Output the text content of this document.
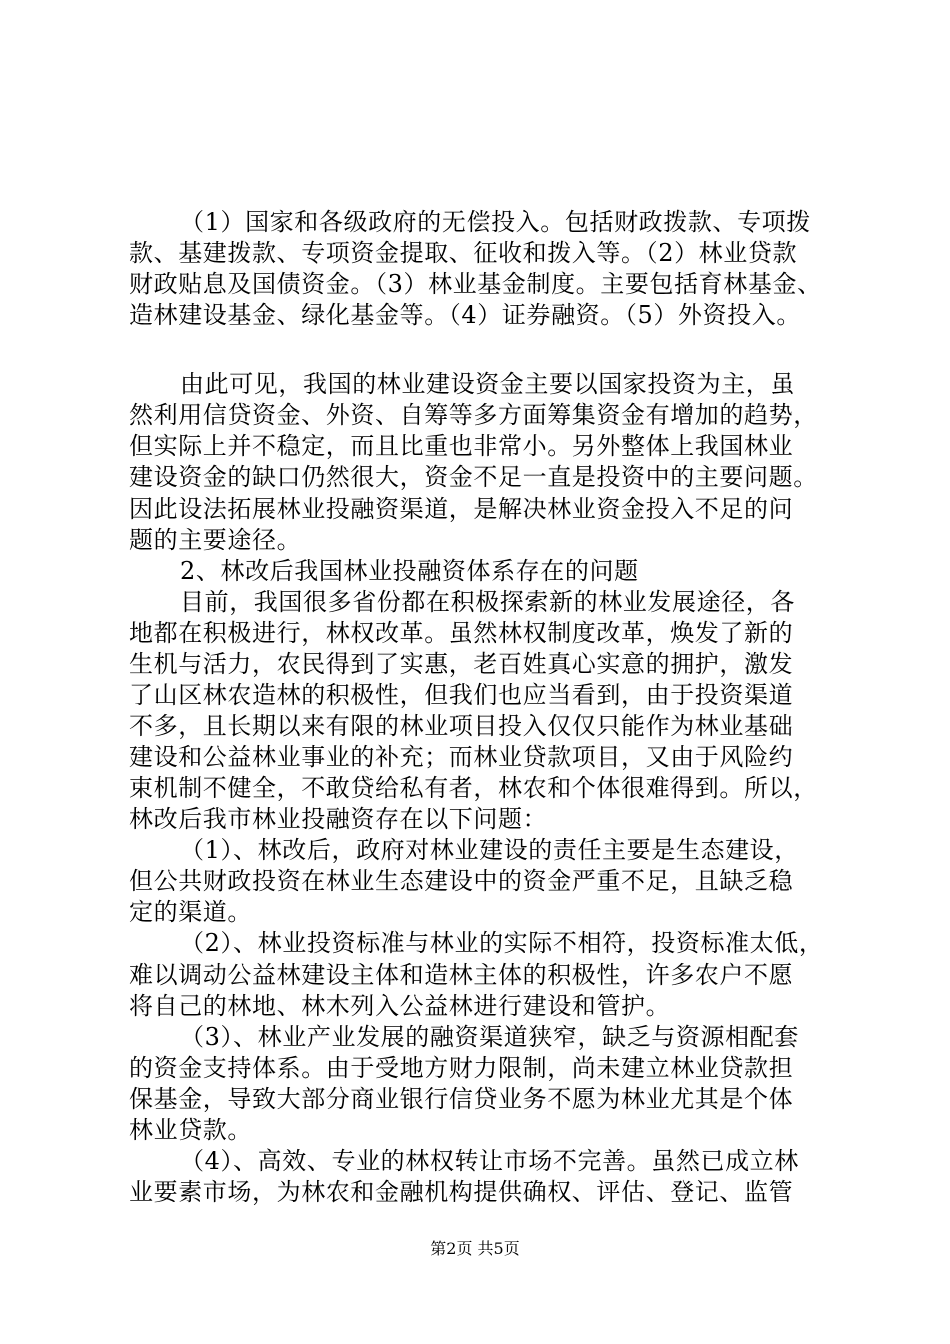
（1）国家和各级政府的无偿投入。包括财政拨款、专项拨
款、基建拨款、专项资金提取、征收和拨入等。（2）林业贷款
财政贴息及国债资金。（3）林业基金制度。主要包括育林基金、
造林建设基金、绿化基金等。（4）证券融资。（5）外资投入。
由此可见，我国的林业建设资金主要以国家投资为主，虽
然利用信贷资金、外资、自筹等多方面筹集资金有增加的趋势，
但实际上并不稳定，而且比重也非常小。另外整体上我国林业
建设资金的缺口仍然很大，资金不足一直是投资中的主要问题。
因此设法拓展林业投融资渠道，是解决林业资金投入不足的问
题的主要途径。
2、林改后我国林业投融资体系存在的问题
目前，我国很多省份都在积极探索新的林业发展途径，各
地都在积极进行，林权改革。虽然林权制度改革，焕发了新的
生机与活力，农民得到了实惠，老百姓真心实意的拥护，激发
了山区林农造林的积极性，但我们也应当看到，由于投资渠道
不多，且长期以来有限的林业项目投入仅仅只能作为林业基础
建设和公益林业事业的补充；而林业贷款项目，又由于风险约
束机制不健全，不敢贷给私有者，林农和个体很难得到。所以，
林改后我市林业投融资存在以下问题：
（1）、林改后，政府对林业建设的责任主要是生态建设，
但公共财政投资在林业生态建设中的资金严重不足，且缺乏稳
定的渠道。
（2）、林业投资标准与林业的实际不相符，投资标准太低，
难以调动公益林建设主体和造林主体的积极性，许多农户不愿
将自己的林地、林木列入公益林进行建设和管护。
（3）、林业产业发展的融资渠道狭窄，缺乏与资源相配套
的资金支持体系。由于受地方财力限制，尚未建立林业贷款担
保基金，导致大部分商业银行信贷业务不愿为林业尤其是个体
林业贷款。
（4）、高效、专业的林权转让市场不完善。虽然已成立林
业要素市场，为林农和金融机构提供确权、评估、登记、监管
第2页 共5页
